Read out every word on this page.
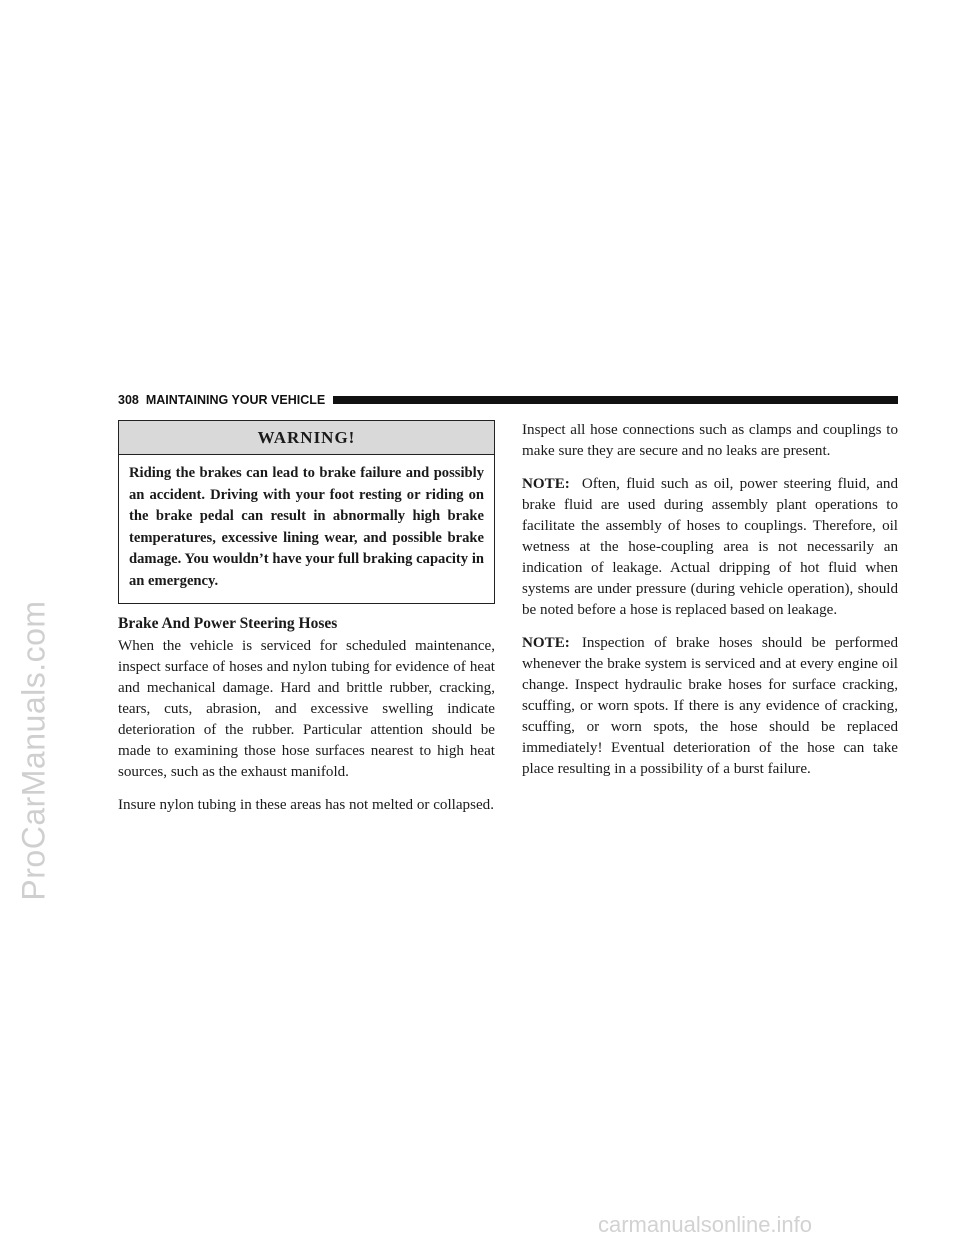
ProCarManuals.com
308 MAINTAINING YOUR VEHICLE
WARNING!
Riding the brakes can lead to brake failure and possibly an accident. Driving with your foot resting or riding on the brake pedal can result in abnormally high brake temperatures, excessive lining wear, and possible brake damage. You wouldn’t have your full braking capacity in an emergency.
Brake And Power Steering Hoses

When the vehicle is serviced for scheduled maintenance, inspect surface of hoses and nylon tubing for evidence of heat and mechanical damage. Hard and brittle rubber, cracking, tears, cuts, abrasion, and excessive swelling indicate deterioration of the rubber. Particular attention should be made to examining those hose surfaces nearest to high heat sources, such as the exhaust manifold.

Insure nylon tubing in these areas has not melted or collapsed.

Inspect all hose connections such as clamps and couplings to make sure they are secure and no leaks are present.

NOTE: Often, fluid such as oil, power steering fluid, and brake fluid are used during assembly plant operations to facilitate the assembly of hoses to couplings. Therefore, oil wetness at the hose-coupling area is not necessarily an indication of leakage. Actual dripping of hot fluid when systems are under pressure (during vehicle operation), should be noted before a hose is replaced based on leakage.

NOTE: Inspection of brake hoses should be performed whenever the brake system is serviced and at every engine oil change. Inspect hydraulic brake hoses for surface cracking, scuffing, or worn spots. If there is any evidence of cracking, scuffing, or worn spots, the hose should be replaced immediately! Eventual deterioration of the hose can take place resulting in a possibility of a burst failure.

carmanualsonline.info
